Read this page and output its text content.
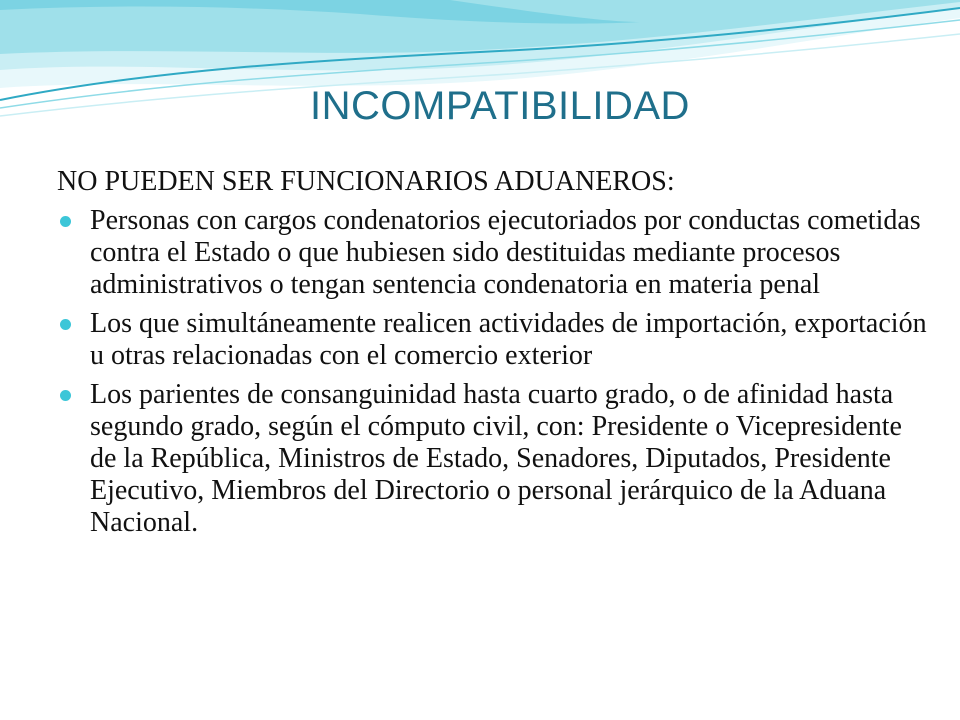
INCOMPATIBILIDAD
NO PUEDEN SER FUNCIONARIOS ADUANEROS:
Personas con cargos condenatorios ejecutoriados por conductas cometidas contra el Estado o que hubiesen sido destituidas mediante procesos administrativos o tengan sentencia condenatoria en materia penal
Los que simultáneamente realicen actividades de importación, exportación u otras relacionadas con el comercio exterior
Los parientes de consanguinidad hasta cuarto grado, o de afinidad hasta segundo grado, según el cómputo civil, con: Presidente o Vicepresidente de la República, Ministros de Estado, Senadores, Diputados, Presidente Ejecutivo, Miembros del Directorio o personal jerárquico de la Aduana Nacional.
